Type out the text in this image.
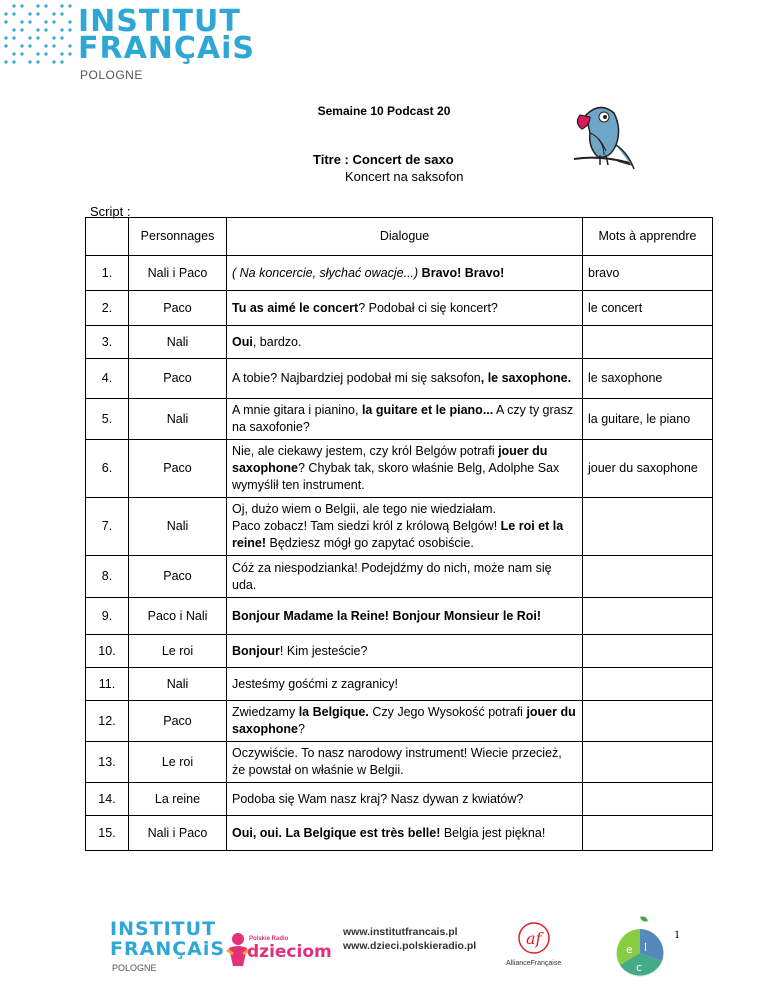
INSTITUT
FRANÇAiS
POLOGNE
Semaine 10 Podcast 20
Titre : Concert de saxo
Koncert na saksofon
Script :
	Personnages	Dialogue	Mots à apprendre
1.	Nali i Paco	( Na koncercie, słychać owacje...) Bravo! Bravo!	bravo
2.	Paco	Tu as aimé le concert? Podobał ci się koncert?	le concert
3.	Nali	Oui, bardzo.	
4.	Paco	A tobie? Najbardziej podobał mi się saksofon, le saxophone.	le saxophone
5.	Nali	A mnie gitara i pianino, la guitare et le piano... A czy ty grasz na saxofonie?	la guitare, le piano
6.	Paco	Nie, ale ciekawy jestem, czy król Belgów potrafi jouer du saxophone? Chybak tak, skoro właśnie Belg, Adolphe Sax wymyślił ten instrument.	jouer du saxophone
7.	Nali	Oj, dużo wiem o Belgii, ale tego nie wiedziałam.
Paco zobacz! Tam siedzi król z królową Belgów! Le roi et la reine! Będziesz mógł go zapytać osobiście.	
8.	Paco	Cóż za niespodzianka! Podejdźmy do nich, może nam się uda.	
9.	Paco i Nali	Bonjour Madame la Reine! Bonjour Monsieur le Roi!	
10.	Le roi	Bonjour! Kim jesteście?	
11.	Nali	Jesteśmy gośćmi z zagranicy!	
12.	Paco	Zwiedzamy la Belgique. Czy Jego Wysokość potrafi jouer du saxophone?	
13.	Le roi	Oczywiście. To nasz narodowy instrument! Wiecie przecież, że powstał on właśnie w Belgii.	
14.	La reine	Podoba się Wam nasz kraj? Nasz dywan z kwiatów?	
15.	Nali i Paco	Oui, oui. La Belgique est très belle! Belgia jest piękna!	
INSTITUT
FRANÇAiS
POLOGNE
Polskie Radio
dzieciom
www.institutfrancais.pl
www.dzieci.polskieradio.pl	af
AllianceFrançaise
e l
c
1
